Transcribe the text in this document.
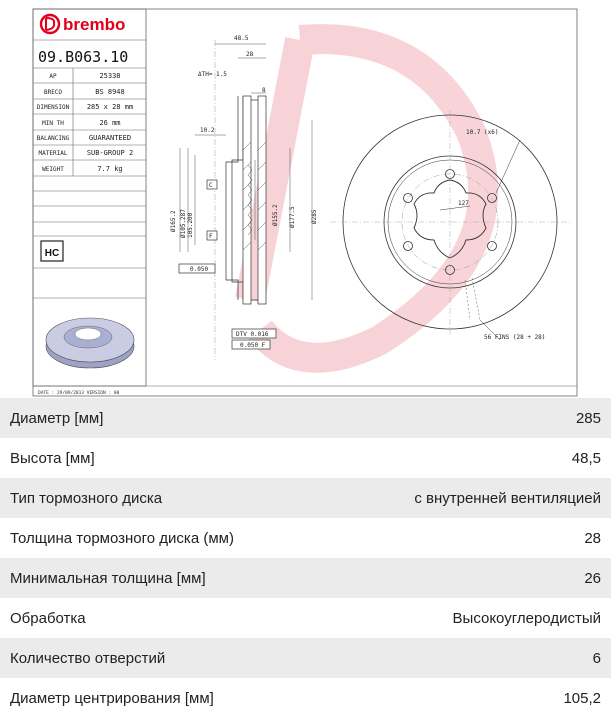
brembo
09.B063.10
AP	25338
BRECO	BS 8948
DIMENSION	285 x 28 mm
MIN TH	26 mm
BALANCING	GUARANTEED
MATERIAL	SUB-GROUP 2
WEIGHT	7.7 kg
HC
DATE : 29/09/2013 VERSION : 00
48.5
28
ΔTH= 1.5
8
10.2
Ø165.2 Ø105.287 105.200	Ø155.2 Ø177.5	Ø285
C
F
0.050
DTV 0.016
0.050 F
10.7 (x6)
127
56 FINS (28 + 28)
Диаметр [мм]	285
Высота [мм]	48,5
Тип тормозного диска	с внутренней вентиляцией
Толщина тормозного диска (мм)	28
Минимальная толщина [мм]	26
Обработка	Высокоуглеродистый
Количество отверстий	6
Диаметр центрирования [мм]	105,2
